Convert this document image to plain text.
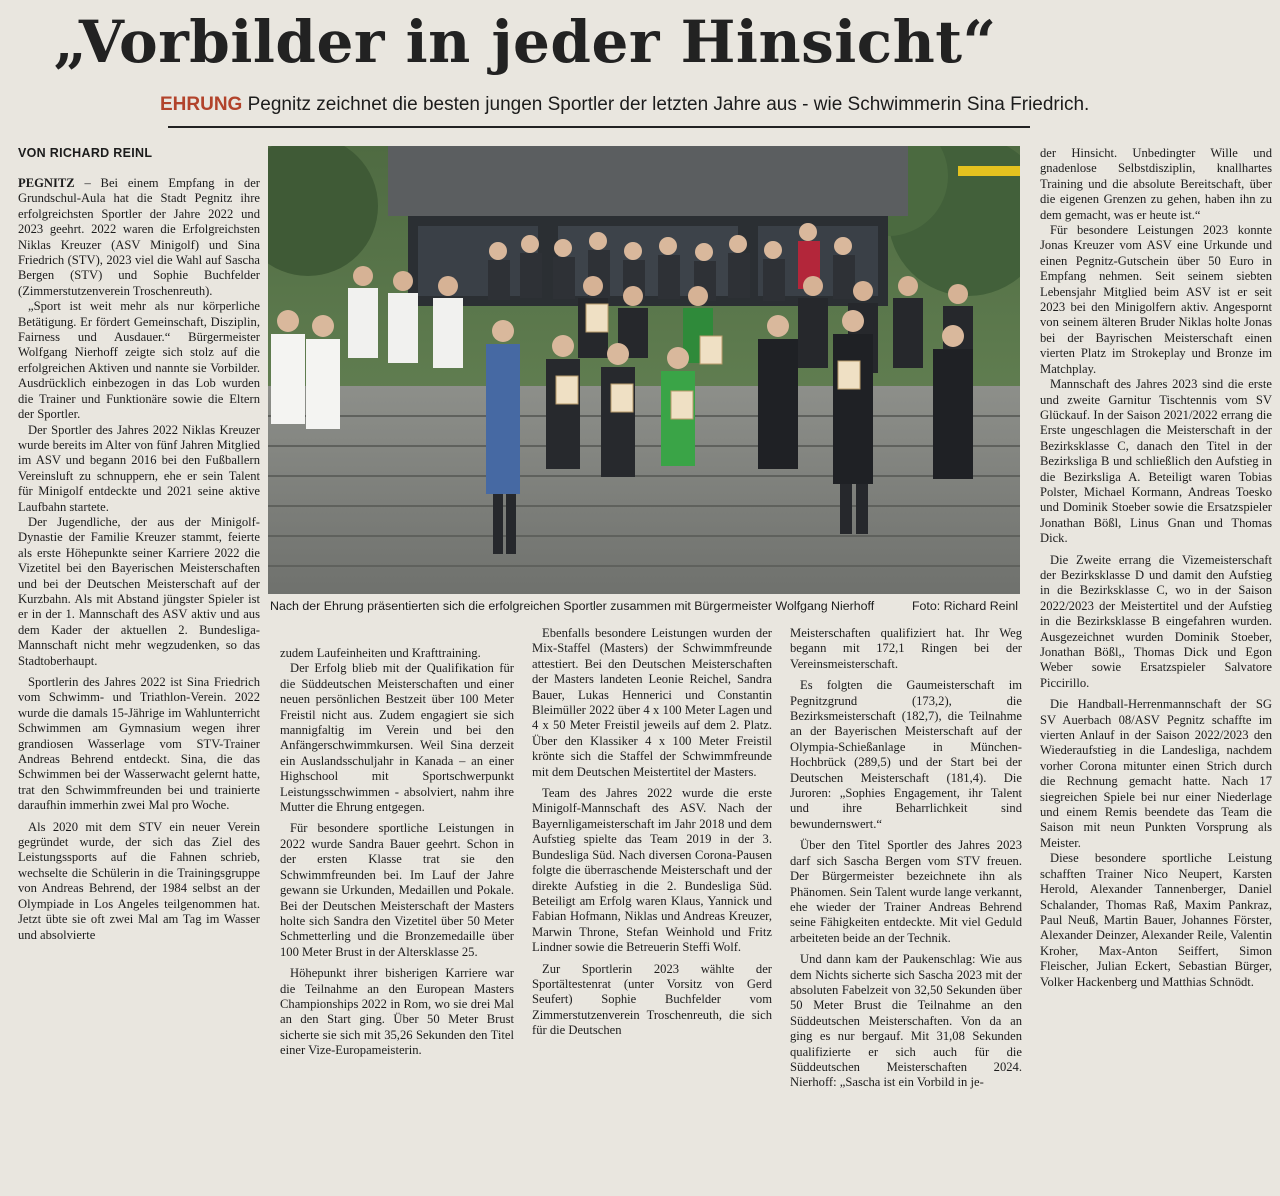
„Vorbilder in jeder Hinsicht“
EHRUNG Pegnitz zeichnet die besten jungen Sportler der letzten Jahre aus - wie Schwimmerin Sina Friedrich.
VON RICHARD REINL

PEGNITZ – Bei einem Empfang in der Grundschul-Aula hat die Stadt Pegnitz ihre erfolgreichsten Sportler der Jahre 2022 und 2023 geehrt. 2022 waren die Erfolgreichsten Niklas Kreuzer (ASV Minigolf) und Sina Friedrich (STV), 2023 viel die Wahl auf Sascha Bergen (STV) und Sophie Buchfelder (Zimmerstutzenverein Troschenreuth).

„Sport ist weit mehr als nur körperliche Betätigung. Er fördert Gemeinschaft, Disziplin, Fairness und Ausdauer.“ Bürgermeister Wolfgang Nierhoff zeigte sich stolz auf die erfolgreichen Aktiven und nannte sie Vorbilder. Ausdrücklich einbezogen in das Lob wurden die Trainer und Funktionäre sowie die Eltern der Sportler.

Der Sportler des Jahres 2022 Niklas Kreuzer wurde bereits im Alter von fünf Jahren Mitglied im ASV und begann 2016 bei den Fußballern Vereinsluft zu schnuppern, ehe er sein Talent für Minigolf entdeckte und 2021 seine aktive Laufbahn startete.

Der Jugendliche, der aus der Minigolf-Dynastie der Familie Kreuzer stammt, feierte als erste Höhepunkte seiner Karriere 2022 die Vizetitel bei den Bayerischen Meisterschaften und bei der Deutschen Meisterschaft auf der Kurzbahn. Als mit Abstand jüngster Spieler ist er in der 1. Mannschaft des ASV aktiv und aus dem Kader der aktuellen 2. Bundesliga-Mannschaft nicht mehr wegzudenken, so das Stadtoberhaupt.

Sportlerin des Jahres 2022 ist Sina Friedrich vom Schwimm- und Triathlon-Verein. 2022 wurde die damals 15-Jährige im Wahlunterricht Schwimmen am Gymnasium wegen ihrer grandiosen Wasserlage vom STV-Trainer Andreas Behrend entdeckt. Sina, die das Schwimmen bei der Wasserwacht gelernt hatte, trat den Schwimmfreunden bei und trainierte daraufhin immerhin zwei Mal pro Woche.

Als 2020 mit dem STV ein neuer Verein gegründet wurde, der sich das Ziel des Leistungssports auf die Fahnen schrieb, wechselte die Schülerin in die Trainingsgruppe von Andreas Behrend, der 1984 selbst an der Olympiade in Los Angeles teilgenommen hat. Jetzt übte sie oft zwei Mal am Tag im Wasser und absolvierte

Nach der Ehrung präsentierten sich die erfolgreichen Sportler zusammen mit Bürgermeister Wolfgang Nierhoff	Foto: Richard Reinl

zudem Laufeinheiten und Krafttraining.

Der Erfolg blieb mit der Qualifikation für die Süddeutschen Meisterschaften und einer neuen persönlichen Bestzeit über 100 Meter Freistil nicht aus. Zudem engagiert sie sich mannigfaltig im Verein und bei den Anfängerschwimmkursen. Weil Sina derzeit ein Auslandsschuljahr in Kanada – an einer Highschool mit Sportschwerpunkt Leistungsschwimmen - absolviert, nahm ihre Mutter die Ehrung entgegen.

Für besondere sportliche Leistungen in 2022 wurde Sandra Bauer geehrt. Schon in der ersten Klasse trat sie den Schwimmfreunden bei. Im Lauf der Jahre gewann sie Urkunden, Medaillen und Pokale. Bei der Deutschen Meisterschaft der Masters holte sich Sandra den Vizetitel über 50 Meter Schmetterling und die Bronzemedaille über 100 Meter Brust in der Altersklasse 25.

Höhepunkt ihrer bisherigen Karriere war die Teilnahme an den European Masters Championships 2022 in Rom, wo sie drei Mal an den Start ging. Über 50 Meter Brust sicherte sie sich mit 35,26 Sekunden den Titel einer Vize-Europameisterin.

Ebenfalls besondere Leistungen wurden der Mix-Staffel (Masters) der Schwimmfreunde attestiert. Bei den Deutschen Meisterschaften der Masters landeten Leonie Reichel, Sandra Bauer, Lukas Hennerici und Constantin Bleimüller 2022 über 4 x 100 Meter Lagen und 4 x 50 Meter Freistil jeweils auf dem 2. Platz. Über den Klassiker 4 x 100 Meter Freistil krönte sich die Staffel der Schwimmfreunde mit dem Deutschen Meistertitel der Masters.

Team des Jahres 2022 wurde die erste Minigolf-Mannschaft des ASV. Nach der Bayernligameisterschaft im Jahr 2018 und dem Aufstieg spielte das Team 2019 in der 3. Bundesliga Süd. Nach diversen Corona-Pausen folgte die überraschende Meisterschaft und der direkte Aufstieg in die 2. Bundesliga Süd. Beteiligt am Erfolg waren Klaus, Yannick und Fabian Hofmann, Niklas und Andreas Kreuzer, Marwin Throne, Stefan Weinhold und Fritz Lindner sowie die Betreuerin Steffi Wolf.

Zur Sportlerin 2023 wählte der Sportältestenrat (unter Vorsitz von Gerd Seufert) Sophie Buchfelder vom Zimmerstutzenverein Troschenreuth, die sich für die Deutschen

Meisterschaften qualifiziert hat. Ihr Weg begann mit 172,1 Ringen bei der Vereinsmeisterschaft.

Es folgten die Gaumeisterschaft im Pegnitzgrund (173,2), die Bezirksmeisterschaft (182,7), die Teilnahme an der Bayerischen Meisterschaft auf der Olympia-Schießanlage in München-Hochbrück (289,5) und der Start bei der Deutschen Meisterschaft (181,4). Die Juroren: „Sophies Engagement, ihr Talent und ihre Beharrlichkeit sind bewundernswert.“

Über den Titel Sportler des Jahres 2023 darf sich Sascha Bergen vom STV freuen. Der Bürgermeister bezeichnete ihn als Phänomen. Sein Talent wurde lange verkannt, ehe wieder der Trainer Andreas Behrend seine Fähigkeiten entdeckte. Mit viel Geduld arbeiteten beide an der Technik.

Und dann kam der Paukenschlag: Wie aus dem Nichts sicherte sich Sascha 2023 mit der absoluten Fabelzeit von 32,50 Sekunden über 50 Meter Brust die Teilnahme an den Süddeutschen Meisterschaften. Von da an ging es nur bergauf. Mit 31,08 Sekunden qualifizierte er sich auch für die Süddeutschen Meisterschaften 2024. Nierhoff: „Sascha ist ein Vorbild in je-

der Hinsicht. Unbedingter Wille und gnadenlose Selbstdisziplin, knallhartes Training und die absolute Bereitschaft, über die eigenen Grenzen zu gehen, haben ihn zu dem gemacht, was er heute ist.“

Für besondere Leistungen 2023 konnte Jonas Kreuzer vom ASV eine Urkunde und einen Pegnitz-Gutschein über 50 Euro in Empfang nehmen. Seit seinem siebten Lebensjahr Mitglied beim ASV ist er seit 2023 bei den Minigolfern aktiv. Angespornt von seinem älteren Bruder Niklas holte Jonas bei der Bayrischen Meisterschaft einen vierten Platz im Strokeplay und Bronze im Matchplay.

Mannschaft des Jahres 2023 sind die erste und zweite Garnitur Tischtennis vom SV Glückauf. In der Saison 2021/2022 errang die Erste ungeschlagen die Meisterschaft in der Bezirksklasse C, danach den Titel in der Bezirksliga B und schließlich den Aufstieg in die Bezirksliga A. Beteiligt waren Tobias Polster, Michael Kormann, Andreas Toesko und Dominik Stoeber sowie die Ersatzspieler Jonathan Bößl, Linus Gnan und Thomas Dick.

Die Zweite errang die Vizemeisterschaft der Bezirksklasse D und damit den Aufstieg in die Bezirksklasse C, wo in der Saison 2022/2023 der Meistertitel und der Aufstieg in die Bezirksklasse B eingefahren wurden. Ausgezeichnet wurden Dominik Stoeber, Jonathan Bößl,, Thomas Dick und Egon Weber sowie Ersatzspieler Salvatore Piccirillo.

Die Handball-Herrenmannschaft der SG SV Auerbach 08/ASV Pegnitz schaffte im vierten Anlauf in der Saison 2022/2023 den Wiederaufstieg in die Landesliga, nachdem vorher Corona mitunter einen Strich durch die Rechnung gemacht hatte. Nach 17 siegreichen Spiele bei nur einer Niederlage und einem Remis beendete das Team die Saison mit neun Punkten Vorsprung als Meister.

Diese besondere sportliche Leistung schafften Trainer Nico Neupert, Karsten Herold, Alexander Tannenberger, Daniel Schalander, Thomas Raß, Maxim Pankraz, Paul Neuß, Martin Bauer, Johannes Förster, Alexander Deinzer, Alexander Reile, Valentin Kroher, Max-Anton Seiffert, Simon Fleischer, Julian Eckert, Sebastian Bürger, Volker Hackenberg und Matthias Schnödt.
